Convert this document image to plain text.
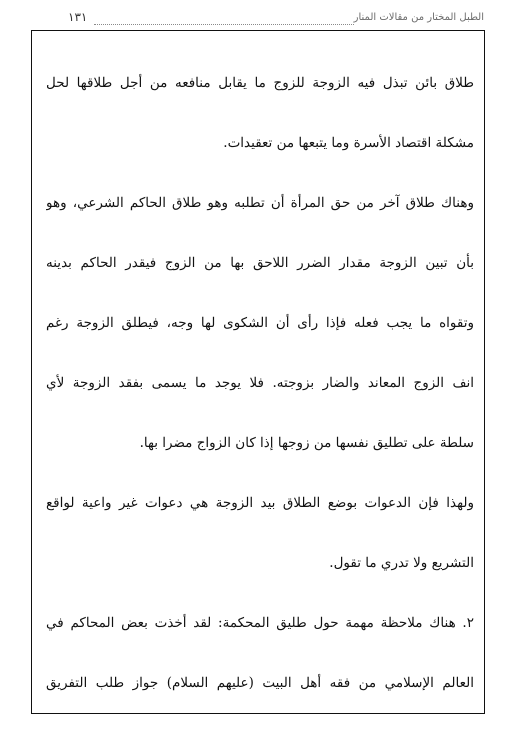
الطبل المختار من مقالات المنار
١٣١
طلاق بائن تبذل فيه الزوجة للزوج ما يقابل منافعه من أجل طلاقها لحل
مشكلة اقتصاد الأسرة وما يتبعها من تعقيدات.
وهناك طلاق آخر من حق المرأة أن تطلبه وهو طلاق الحاكم الشرعي، وهو
بأن تبين الزوجة مقدار الضرر اللاحق بها من الزوج فيقدر الحاكم بدينه
وتقواه ما يجب فعله فإذا رأى أن الشكوى لها وجه، فيطلق الزوجة رغم
انف الزوج المعاند والضار بزوجته. فلا يوجد ما يسمى بفقد الزوجة لأي
سلطة على تطليق نفسها من زوجها إذا كان الزواج مضرا بها.
ولهذا فإن الدعوات بوضع الطلاق بيد الزوجة هي دعوات غير واعية لواقع
التشريع ولا تدري ما تقول.
٢. هناك ملاحظة مهمة حول طليق المحكمة: لقد أخذت بعض المحاكم في
العالم الإسلامي من فقه أهل البيت (عليهم السلام) جواز طلب التفريق
